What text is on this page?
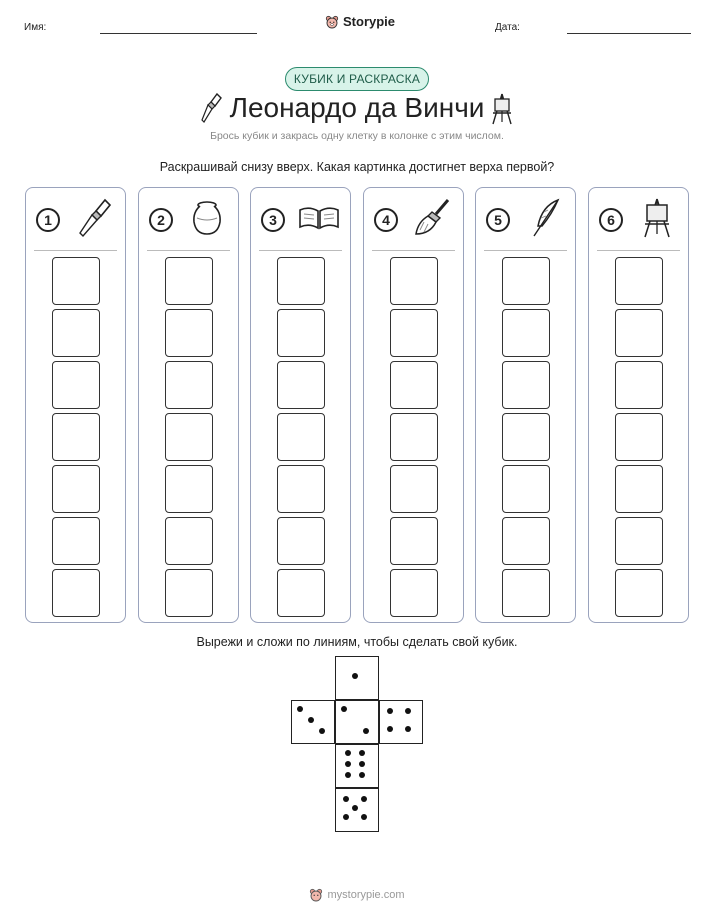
Имя:	Storypie	Дата:
КУБИК И РАСКРАСКА
Леонардо да Винчи
Брось кубик и закрась одну клетку в колонке с этим числом.
Раскрашивай снизу вверх. Какая картинка достигнет верха первой?
1	2	3	4	5	6
Вырежи и сложи по линиям, чтобы сделать свой кубик.
mystorypie.com
